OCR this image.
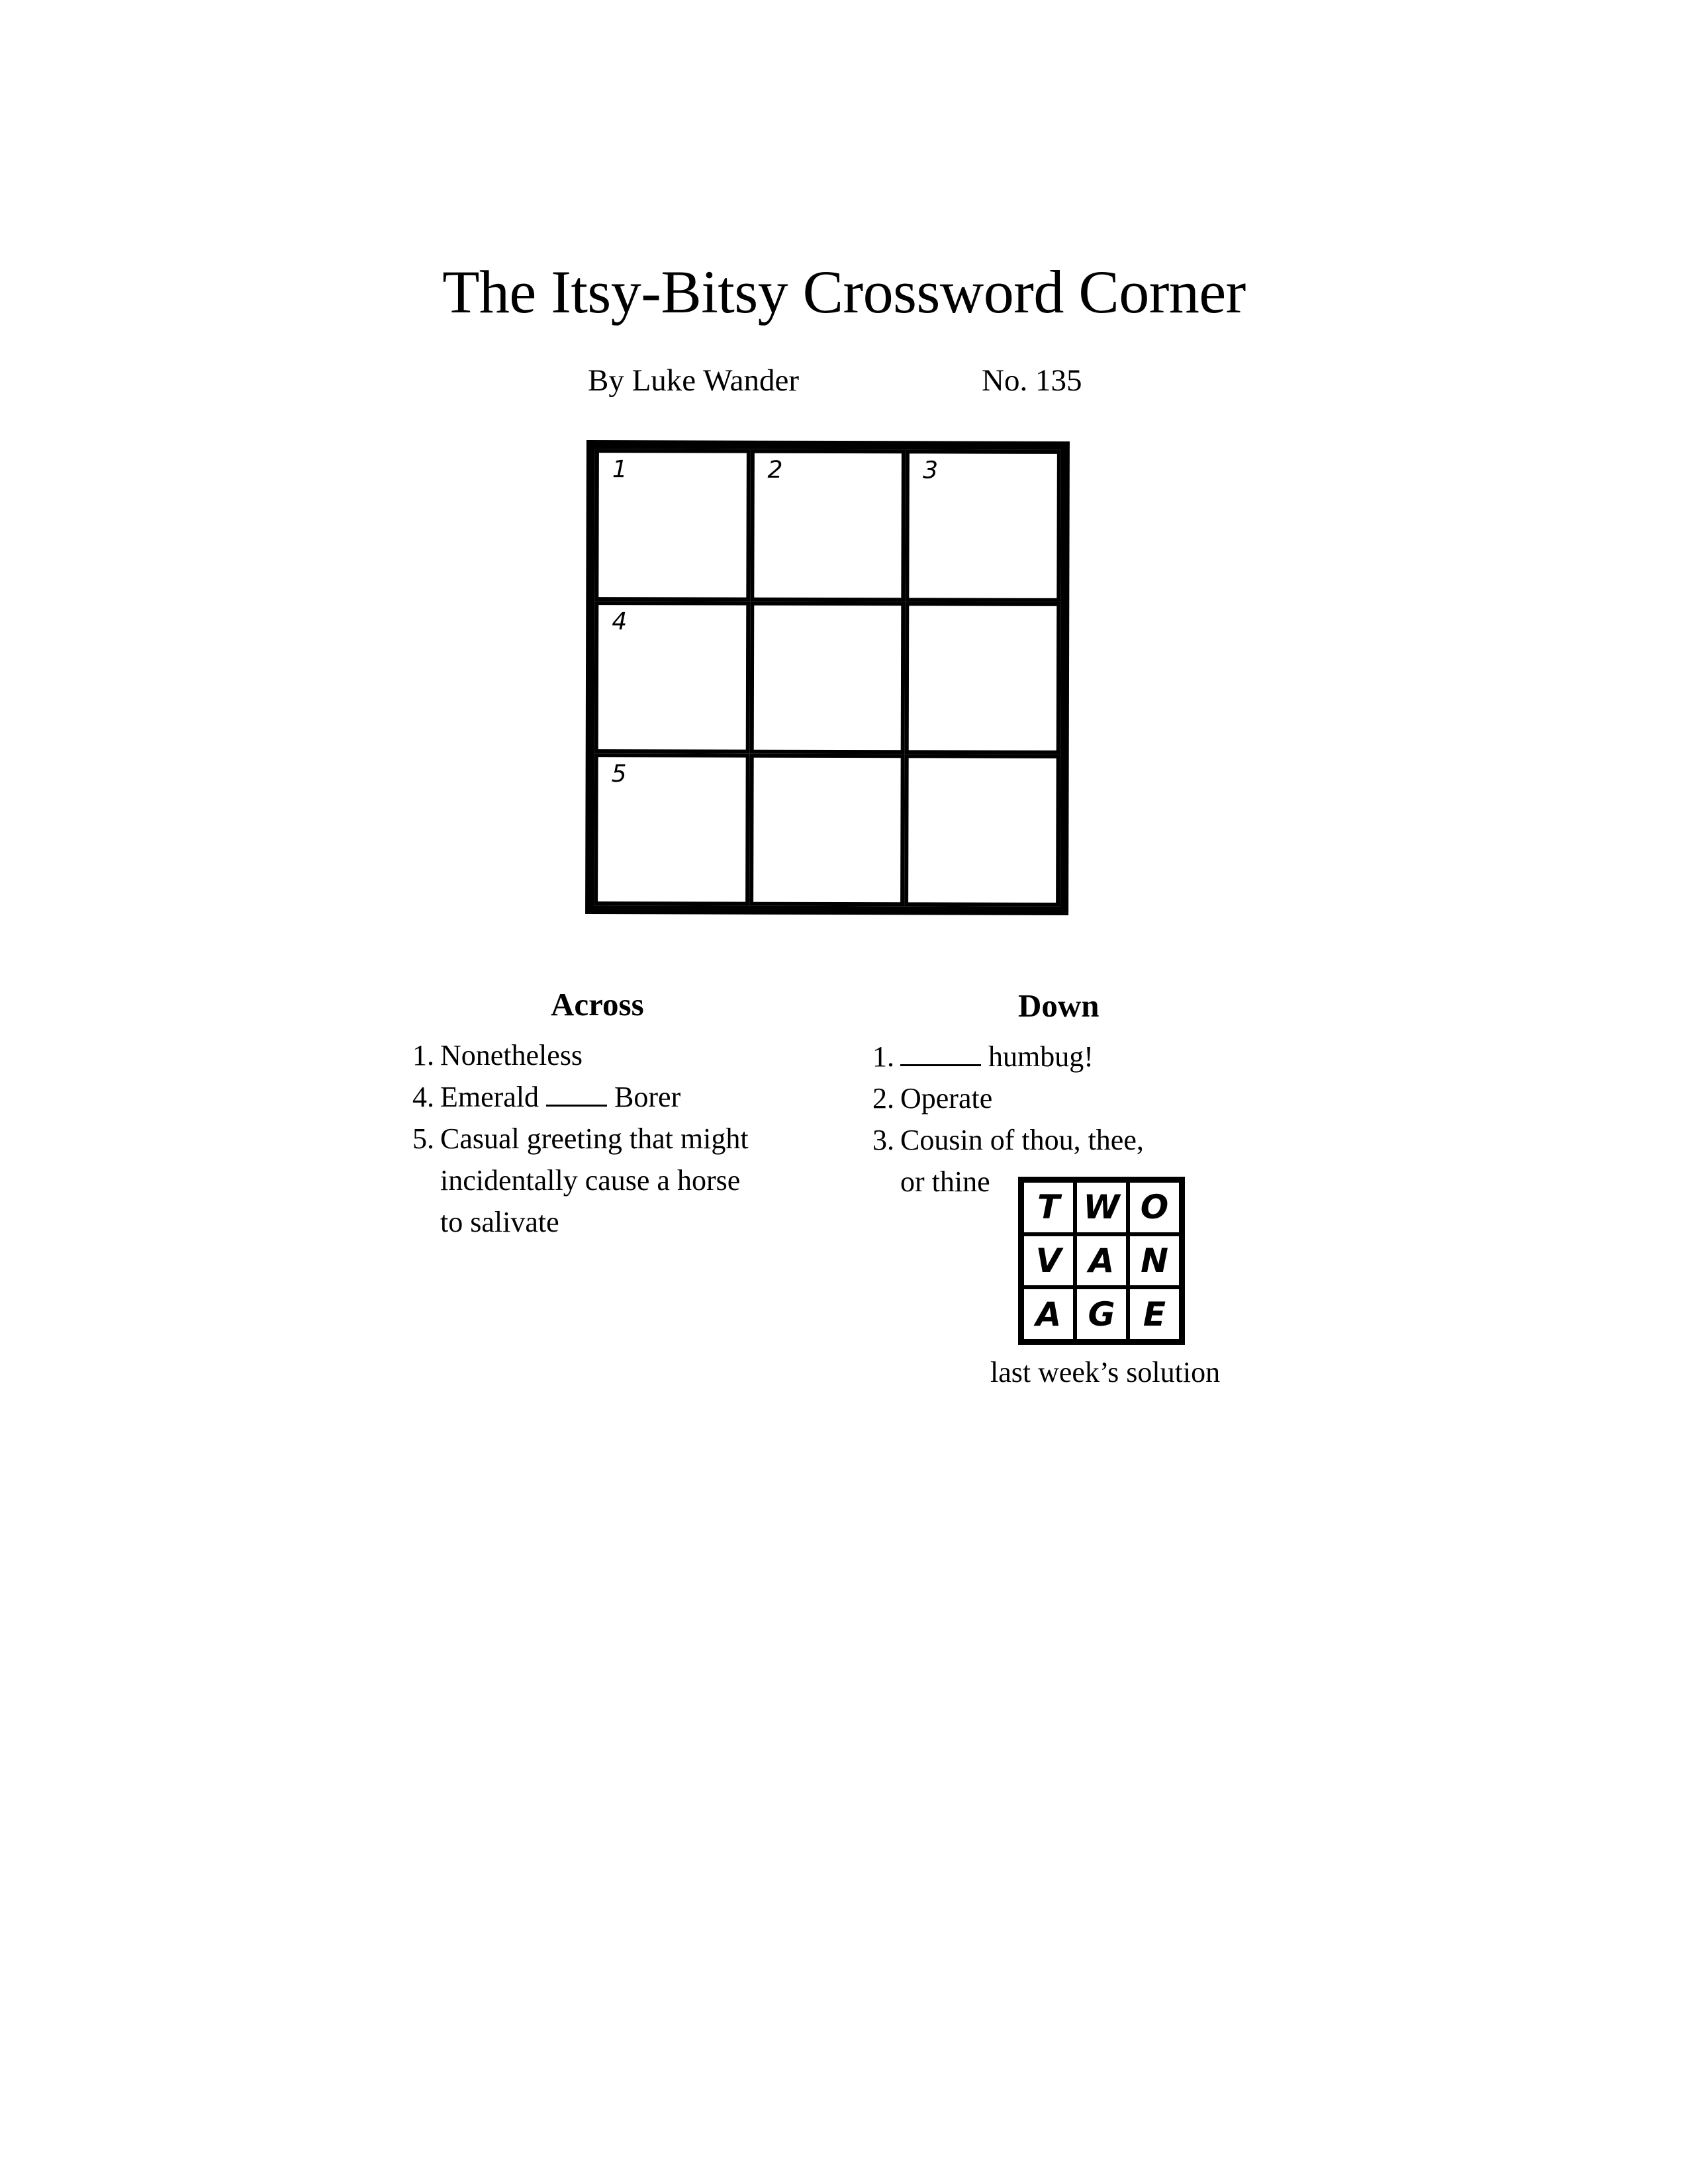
The Itsy-Bitsy Crossword Corner
By Luke Wander	No. 135
1	2	3
4
5
Across	Down
1. Nonetheless
4. Emerald	Borer
5. Casual greeting that might
incidentally cause a horse
to salivate
1.	humbug!
2. Operate
3. Cousin of thou, thee,
or thine
T W O
V A N
A G E
last week’s solution
